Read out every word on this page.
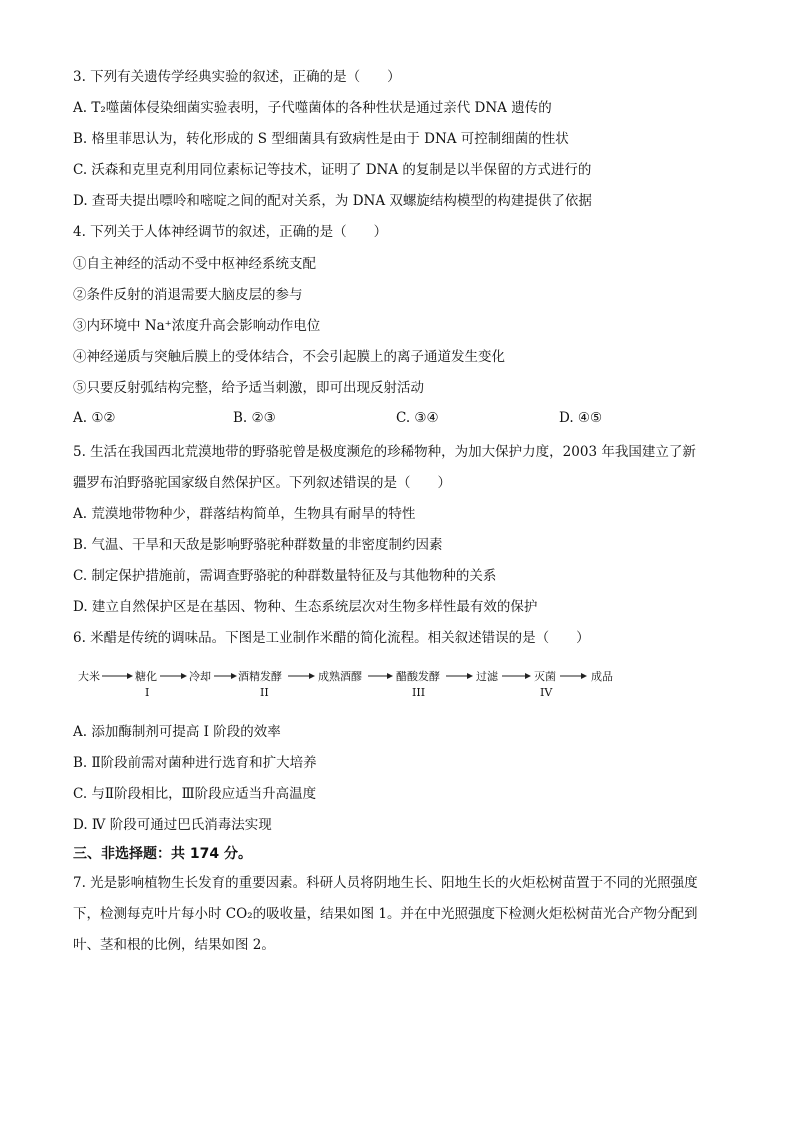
3. 下列有关遗传学经典实验的叙述，正确的是（　　）
A. T₂噬菌体侵染细菌实验表明，子代噬菌体的各种性状是通过亲代 DNA 遗传的
B. 格里菲思认为，转化形成的 S 型细菌具有致病性是由于 DNA 可控制细菌的性状
C. 沃森和克里克利用同位素标记等技术，证明了 DNA 的复制是以半保留的方式进行的
D. 查哥夫提出嘌呤和嘧啶之间的配对关系，为 DNA 双螺旋结构模型的构建提供了依据
4. 下列关于人体神经调节的叙述，正确的是（　　）
①自主神经的活动不受中枢神经系统支配
②条件反射的消退需要大脑皮层的参与
③内环境中 Na⁺浓度升高会影响动作电位
④神经递质与突触后膜上的受体结合，不会引起膜上的离子通道发生变化
⑤只要反射弧结构完整，给予适当刺激，即可出现反射活动
A. ①②	B. ②③	C. ③④	D. ④⑤
5. 生活在我国西北荒漠地带的野骆驼曾是极度濒危的珍稀物种，为加大保护力度，2003 年我国建立了新
疆罗布泊野骆驼国家级自然保护区。下列叙述错误的是（　　）
A. 荒漠地带物种少，群落结构简单，生物具有耐旱的特性
B. 气温、干旱和天敌是影响野骆驼种群数量的非密度制约因素
C. 制定保护措施前，需调查野骆驼的种群数量特征及与其他物种的关系
D. 建立自然保护区是在基因、物种、生态系统层次对生物多样性最有效的保护
6. 米醋是传统的调味品。下图是工业制作米醋的简化流程。相关叙述错误的是（　　）
大米	糖化	冷却 酒精发酵	成熟酒醪	醋酸发酵	过滤	灭菌	成品
I	II	III	IV
A. 添加酶制剂可提高 I 阶段的效率
B. Ⅱ阶段前需对菌种进行选育和扩大培养
C. 与Ⅱ阶段相比，Ⅲ阶段应适当升高温度
D. Ⅳ 阶段可通过巴氏消毒法实现
三、非选择题：共 174 分。
7. 光是影响植物生长发育的重要因素。科研人员将阴地生长、阳地生长的火炬松树苗置于不同的光照强度
下，检测每克叶片每小时 CO₂的吸收量，结果如图 1。并在中光照强度下检测火炬松树苗光合产物分配到
叶、茎和根的比例，结果如图 2。
